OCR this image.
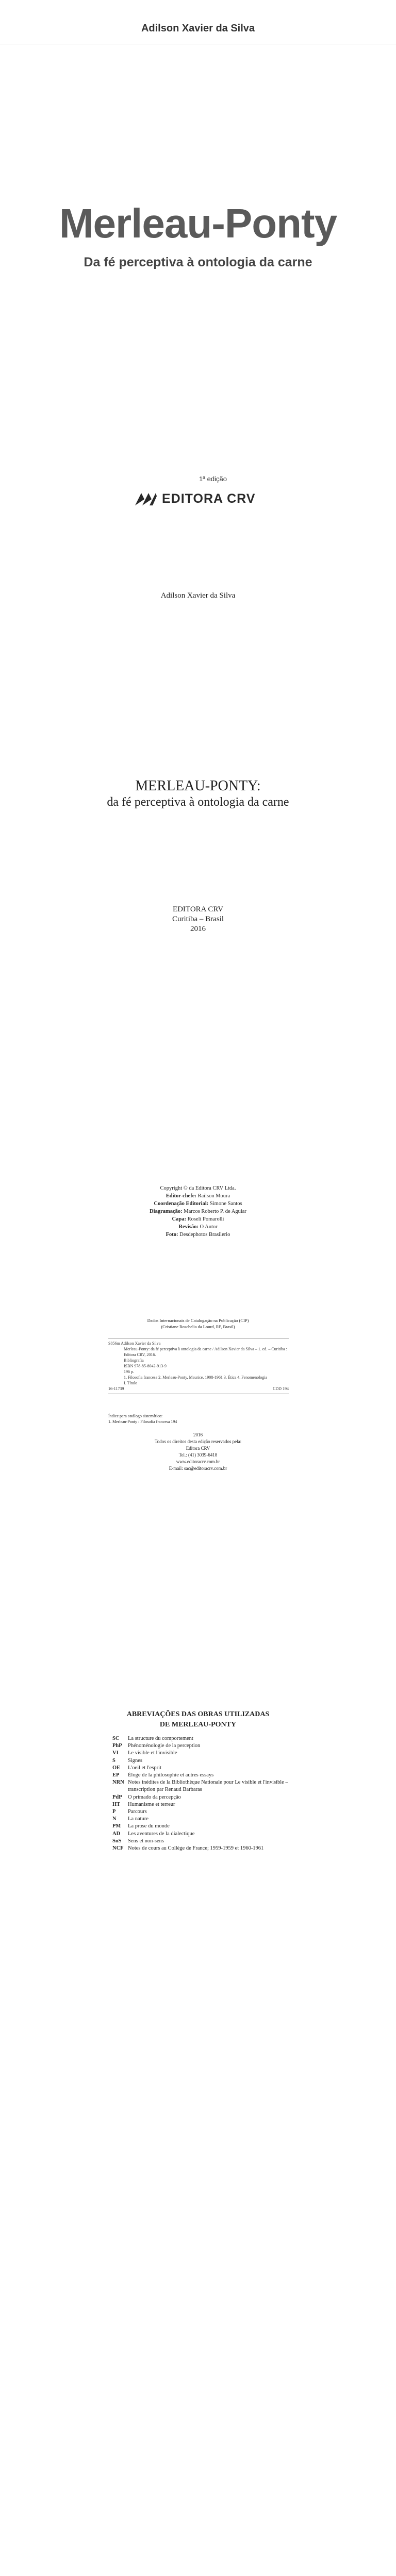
Adilson Xavier da Silva
Merleau-Ponty
Da fé perceptiva à ontologia da carne
1ª edição
EDITORA CRV
Adilson Xavier da Silva
MERLEAU-PONTY:
da fé perceptiva à ontologia da carne
EDITORA CRV
Curitiba – Brasil
2016
Copyright © da Editora CRV Ltda.
Editor-chefe: Railson Moura
Coordenação Editorial: Simone Santos
Diagramação: Marcos Roberto P. de Aguiar
Capa: Roseli Pomarolli
Revisão: O Autor
Foto: Desdephotos Brasilerio
Dados Internacionais de Catalogação na Publicação (CIP)
(Cristiane Roschelia da Lourd, RP, Brasil)
S856m Adilson Xavier da Silva
Merleau-Ponty: da fé perceptiva à ontologia da carne / Adilson Xavier da Silva – 1. ed. – Curitiba : Editora CRV, 2016.
Bibliografia
ISBN 978-85-8042-913-9
196 p.
1. Filosofia francesa 2. Merleau-Ponty, Maurice, 1908-1961 3. Ética 4. Fenomenologia
I. Título
16-11739	CDD 194
Índice para catálogo sistemático:
1. Merleau-Ponty : Filosofia francesa 194
2016
Todos os direitos desta edição reservados pela:
Editora CRV
Tel.: (41) 3039-6418
www.editoracrv.com.br
E-mail: sac@editoracrv.com.br
ABREVIAÇÕES DAS OBRAS UTILIZADAS
DE MERLEAU-PONTY
SC	La structure du comportement
PhP	Phénoménologie de la perception
VI	Le visible et l'invisible
S	Signes
OE	L'oeil et l'esprit
EP	Éloge de la philosophie et autres essays
NRN Notes inédites de la Bibliothèque Nationale pour Le visible et l'invisible – transcription par Renaud Barbaras
PdP	O primado da percepção
HT	Humanisme et terreur
P	Parcours
N	La nature
PM	La prose du monde
AD	Les aventures de la dialectique
SnS	Sens et non-sens
NCF Notes de cours au Collège de France; 1959-1959 et 1960-1961
